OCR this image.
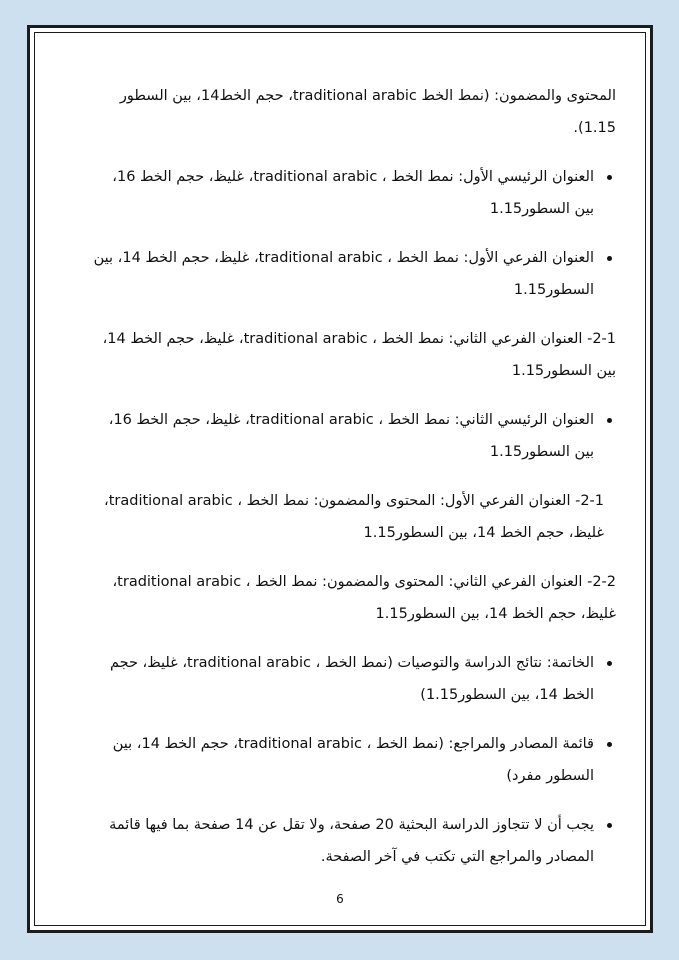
المحتوى والمضمون: (نمط الخط traditional arabic، حجم الخط14، بين السطور 1.15).

العنوان الرئيسي الأول: نمط الخط ، traditional arabic، غليظ، حجم الخط 16، بين السطور1.15

العنوان الفرعي الأول: نمط الخط ، traditional arabic، غليظ، حجم الخط 14، بين السطور1.15

2-1- العنوان الفرعي الثاني: نمط الخط ، traditional arabic، غليظ، حجم الخط 14، بين السطور1.15

العنوان الرئيسي الثاني: نمط الخط ، traditional arabic، غليظ، حجم الخط 16، بين السطور1.15

2-1- العنوان الفرعي الأول: المحتوى والمضمون: نمط الخط ، traditional arabic، غليظ، حجم الخط 14، بين السطور1.15

2-2- العنوان الفرعي الثاني: المحتوى والمضمون: نمط الخط ، traditional arabic، غليظ، حجم الخط 14، بين السطور1.15

الخاتمة: نتائج الدراسة والتوصيات (نمط الخط ، traditional arabic، غليظ، حجم الخط 14، بين السطور1.15)

قائمة المصادر والمراجع: (نمط الخط ، traditional arabic، حجم الخط 14، بين السطور مفرد)

يجب أن لا تتجاوز الدراسة البحثية 20 صفحة، ولا تقل عن 14 صفحة بما فيها قائمة المصادر والمراجع التي تكتب في آخر الصفحة.

6
